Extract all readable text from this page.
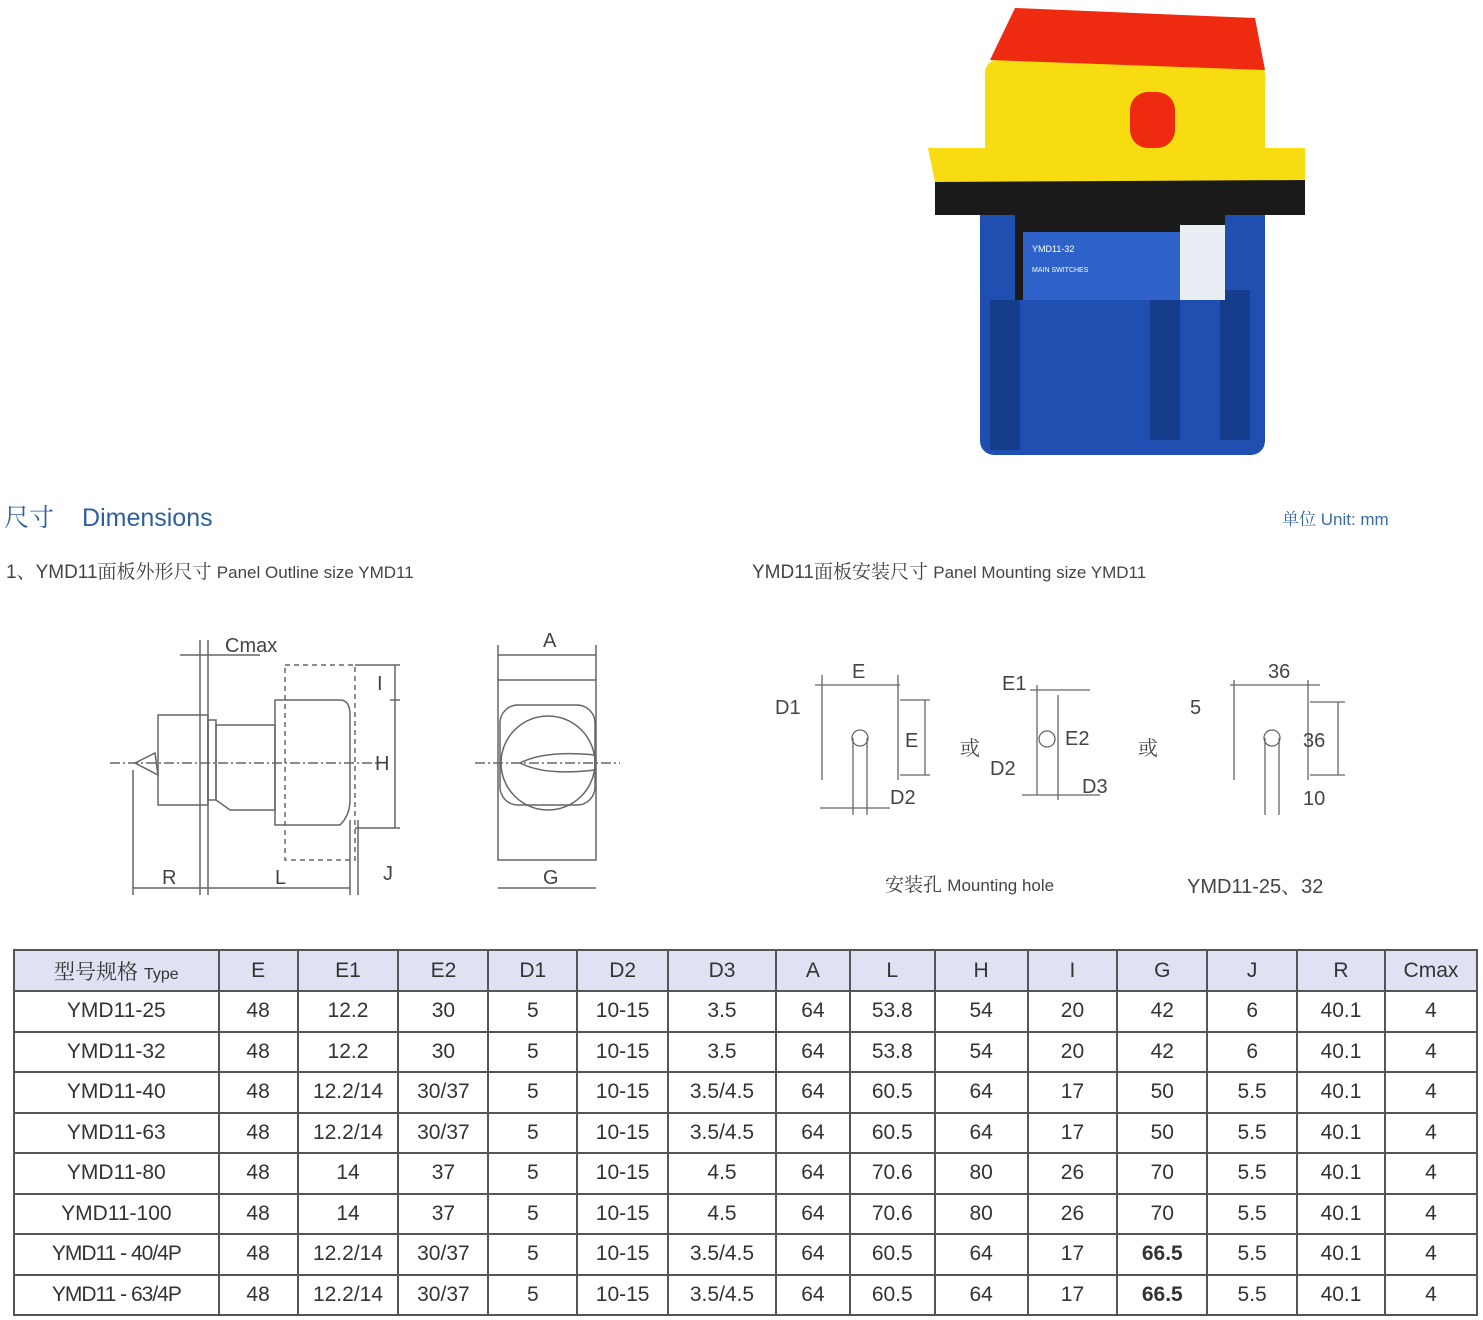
YMD11-32
MAIN SWITCHES
尺寸 Dimensions	单位 Unit: mm
1、YMD11面板外形尺寸 Panel Outline size YMD11	YMD11面板安装尺寸 Panel Mounting size YMD11
Cmax
I
H
R	L	J
A
G
E
D1
E
D2
或
E1
E2
D2
D3
或
36
5
36
10
安装孔 Mounting hole	YMD11-25、32
型号规格 Type	E	E1	E2	D1	D2	D3	A	L	H	I	G	J	R	Cmax
YMD11-25	48	12.2	30	5	10-15	3.5	64	53.8	54	20	42	6	40.1	4
YMD11-32	48	12.2	30	5	10-15	3.5	64	53.8	54	20	42	6	40.1	4
YMD11-40	48	12.2/14	30/37	5	10-15	3.5/4.5	64	60.5	64	17	50	5.5	40.1	4
YMD11-63	48	12.2/14	30/37	5	10-15	3.5/4.5	64	60.5	64	17	50	5.5	40.1	4
YMD11-80	48	14	37	5	10-15	4.5	64	70.6	80	26	70	5.5	40.1	4
YMD11-100	48	14	37	5	10-15	4.5	64	70.6	80	26	70	5.5	40.1	4
YMD11 - 40/4P	48	12.2/14	30/37	5	10-15	3.5/4.5	64	60.5	64	17	66.5	5.5	40.1	4
YMD11 - 63/4P	48	12.2/14	30/37	5	10-15	3.5/4.5	64	60.5	64	17	66.5	5.5	40.1	4
